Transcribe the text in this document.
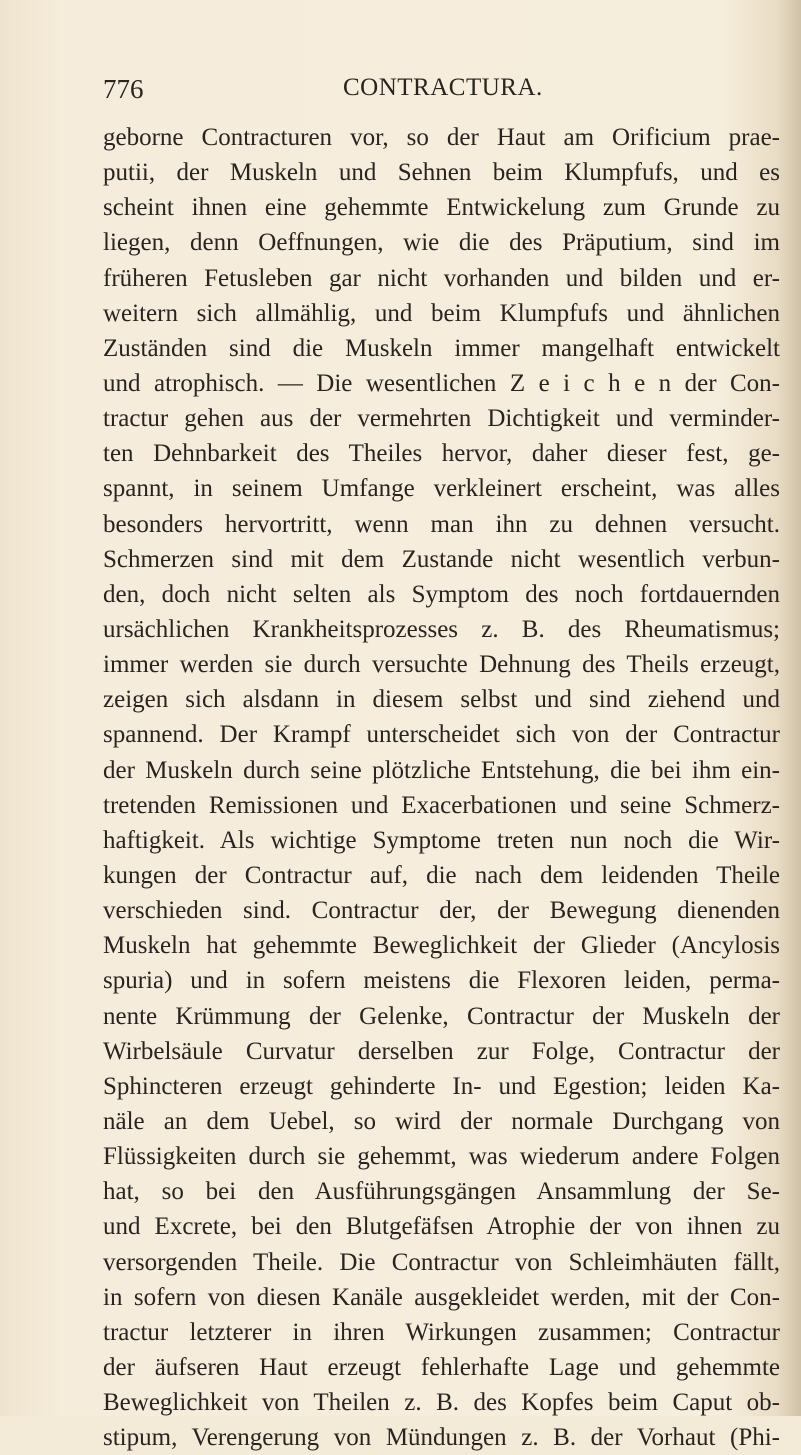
776	CONTRACTURA.
geborne Contracturen vor, so der Haut am Orificium prae-
putii, der Muskeln und Sehnen beim Klumpfufs, und es
scheint ihnen eine gehemmte Entwickelung zum Grunde zu
liegen, denn Oeffnungen, wie die des Präputium, sind im
früheren Fetusleben gar nicht vorhanden und bilden und er-
weitern sich allmählig, und beim Klumpfufs und ähnlichen
Zuständen sind die Muskeln immer mangelhaft entwickelt
und atrophisch. — Die wesentlichen Z e i c h e n der Con-
tractur gehen aus der vermehrten Dichtigkeit und verminder-
ten Dehnbarkeit des Theiles hervor, daher dieser fest, ge-
spannt, in seinem Umfange verkleinert erscheint, was alles
besonders hervortritt, wenn man ihn zu dehnen versucht.
Schmerzen sind mit dem Zustande nicht wesentlich verbun-
den, doch nicht selten als Symptom des noch fortdauernden
ursächlichen Krankheitsprozesses z. B. des Rheumatismus;
immer werden sie durch versuchte Dehnung des Theils erzeugt,
zeigen sich alsdann in diesem selbst und sind ziehend und
spannend. Der Krampf unterscheidet sich von der Contractur
der Muskeln durch seine plötzliche Entstehung, die bei ihm ein-
tretenden Remissionen und Exacerbationen und seine Schmerz-
haftigkeit. Als wichtige Symptome treten nun noch die Wir-
kungen der Contractur auf, die nach dem leidenden Theile
verschieden sind. Contractur der, der Bewegung dienenden
Muskeln hat gehemmte Beweglichkeit der Glieder (Ancylosis
spuria) und in sofern meistens die Flexoren leiden, perma-
nente Krümmung der Gelenke, Contractur der Muskeln der
Wirbelsäule Curvatur derselben zur Folge, Contractur der
Sphincteren erzeugt gehinderte In- und Egestion; leiden Ka-
näle an dem Uebel, so wird der normale Durchgang von
Flüssigkeiten durch sie gehemmt, was wiederum andere Folgen
hat, so bei den Ausführungsgängen Ansammlung der Se-
und Excrete, bei den Blutgefäfsen Atrophie der von ihnen zu
versorgenden Theile. Die Contractur von Schleimhäuten fällt,
in sofern von diesen Kanäle ausgekleidet werden, mit der Con-
tractur letzterer in ihren Wirkungen zusammen; Contractur
der äufseren Haut erzeugt fehlerhafte Lage und gehemmte
Beweglichkeit von Theilen z. B. des Kopfes beim Caput ob-
stipum, Verengerung von Mündungen z. B. der Vorhaut (Phi-
